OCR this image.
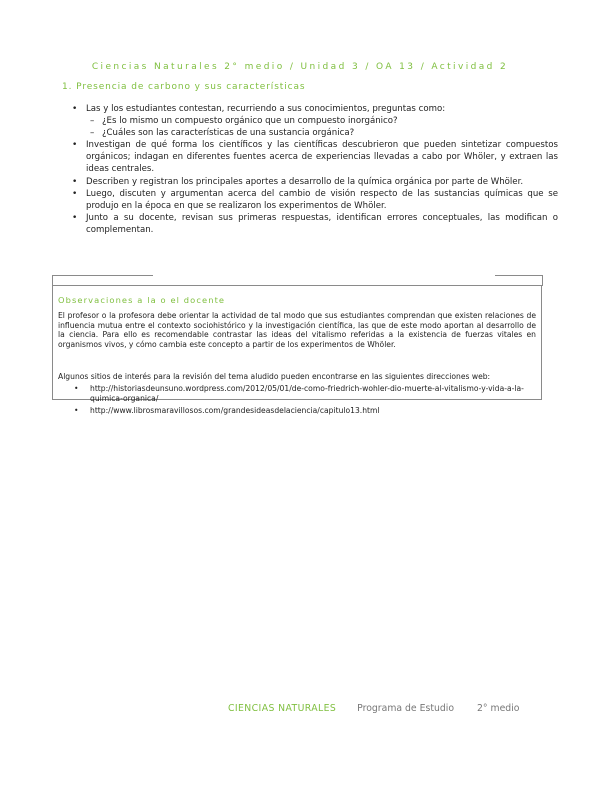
Ciencias Naturales 2° medio / Unidad 3 / OA 13 / Actividad 2
1. Presencia de carbono y sus características
• Las y los estudiantes contestan, recurriendo a sus conocimientos, preguntas como:
– ¿Es lo mismo un compuesto orgánico que un compuesto inorgánico?
– ¿Cuáles son las características de una sustancia orgánica?
• Investigan de qué forma los científicos y las científicas descubrieron que pueden sintetizar compuestos orgánicos; indagan en diferentes fuentes acerca de experiencias llevadas a cabo por Whöler, y extraen las ideas centrales.
• Describen y registran los principales aportes a desarrollo de la química orgánica por parte de Whöler.
• Luego, discuten y argumentan acerca del cambio de visión respecto de las sustancias químicas que se produjo en la época en que se realizaron los experimentos de Whöler.
• Junto a su docente, revisan sus primeras respuestas, identifican errores conceptuales, las modifican o complementan.
Observaciones a la o el docente

El profesor o la profesora debe orientar la actividad de tal modo que sus estudiantes comprendan que existen relaciones de influencia mutua entre el contexto sociohistórico y la investigación científica, las que de este modo aportan al desarrollo de la ciencia. Para ello es recomendable contrastar las ideas del vitalismo referidas a la existencia de fuerzas vitales en organismos vivos, y cómo cambia este concepto a partir de los experimentos de Whöler.

Algunos sitios de interés para la revisión del tema aludido pueden encontrarse en las siguientes direcciones web:

• http://historiasdeunsuno.wordpress.com/2012/05/01/de-como-friedrich-wohler-dio-muerte-al-vitalismo-y-vida-a-la-quimica-organica/
• http://www.librosmaravillosos.com/grandesideasdelaciencia/capitulo13.html
CIENCIAS NATURALES Programa de Estudio 2° medio
